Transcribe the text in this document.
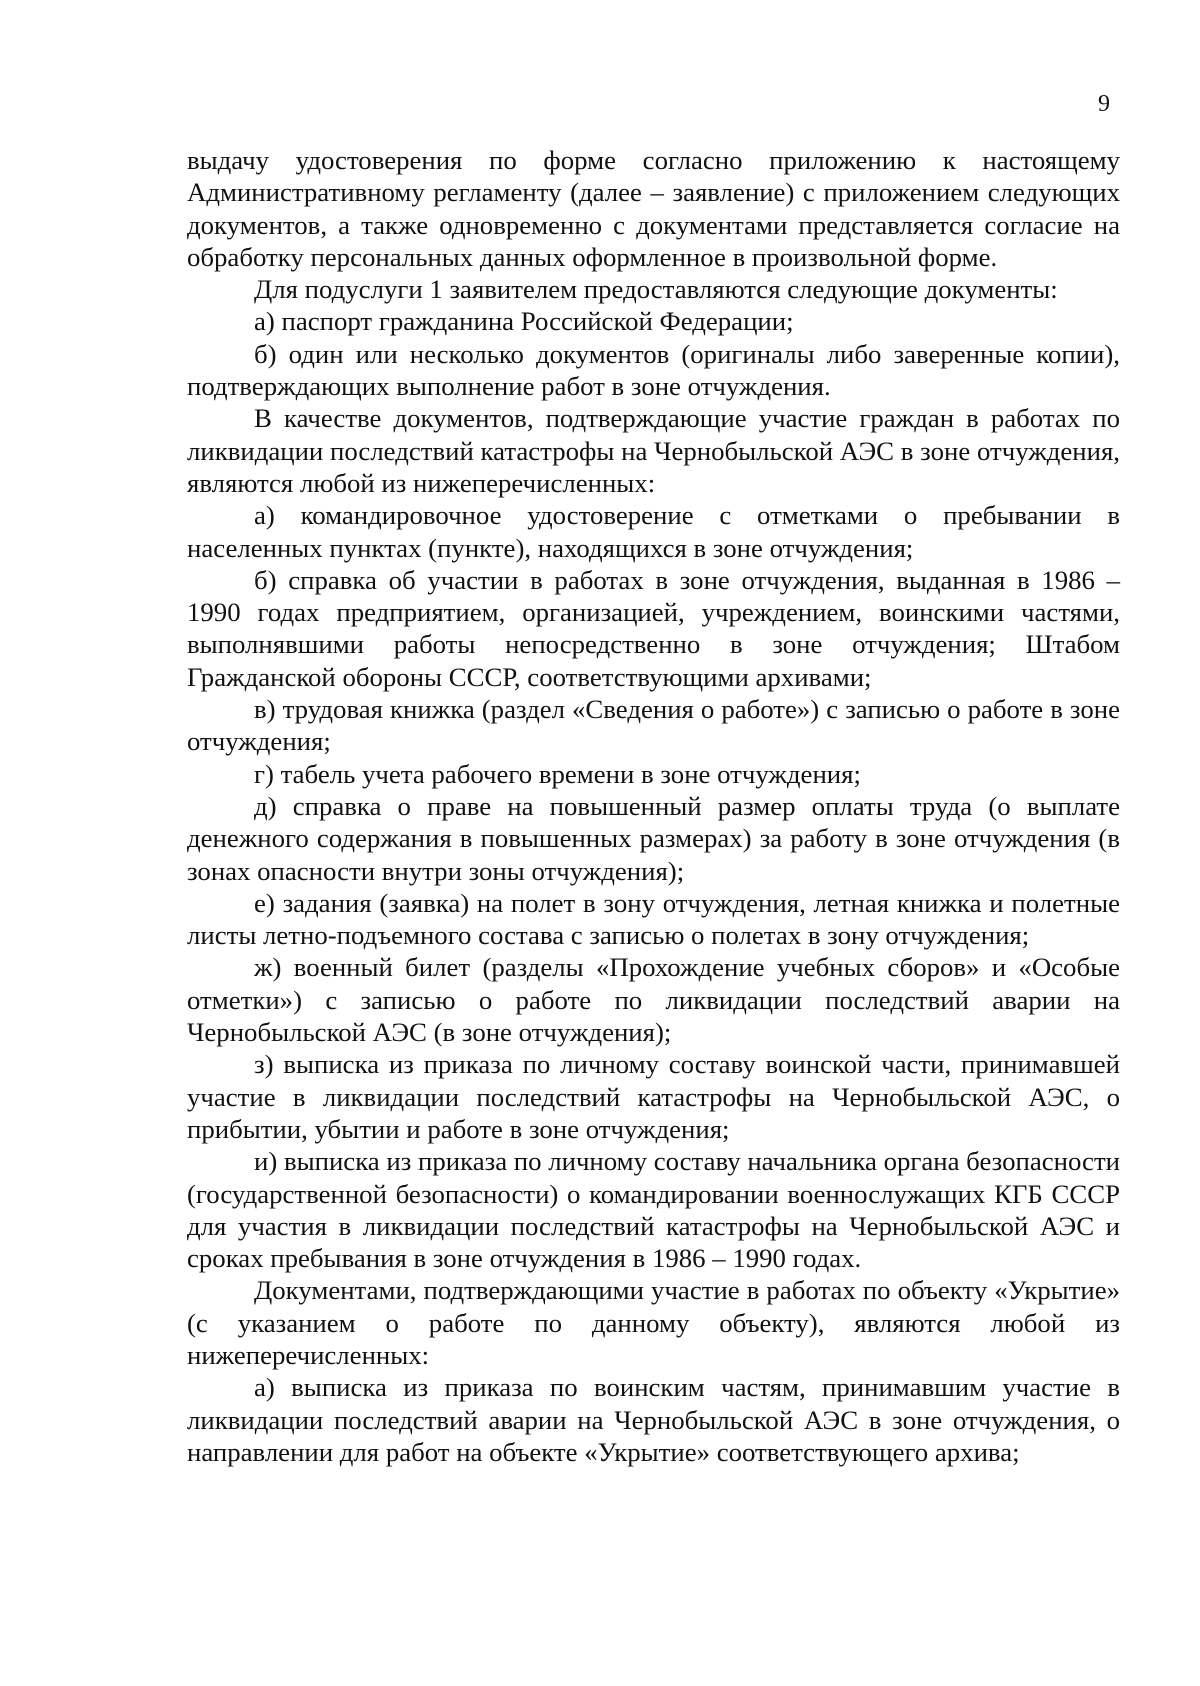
9

выдачу удостоверения по форме согласно приложению к настоящему Административному регламенту (далее – заявление) с приложением следующих документов, а также одновременно с документами представляется согласие на обработку персональных данных оформленное в произвольной форме.

Для подуслуги 1 заявителем предоставляются следующие документы:

а) паспорт гражданина Российской Федерации;

б) один или несколько документов (оригиналы либо заверенные копии), подтверждающих выполнение работ в зоне отчуждения.

В качестве документов, подтверждающие участие граждан в работах по ликвидации последствий катастрофы на Чернобыльской АЭС в зоне отчуждения, являются любой из нижеперечисленных:

а) командировочное удостоверение с отметками о пребывании в населенных пунктах (пункте), находящихся в зоне отчуждения;

б) справка об участии в работах в зоне отчуждения, выданная в 1986 – 1990 годах предприятием, организацией, учреждением, воинскими частями, выполнявшими работы непосредственно в зоне отчуждения; Штабом Гражданской обороны СССР, соответствующими архивами;

в) трудовая книжка (раздел «Сведения о работе») с записью о работе в зоне отчуждения;

г) табель учета рабочего времени в зоне отчуждения;

д) справка о праве на повышенный размер оплаты труда (о выплате денежного содержания в повышенных размерах) за работу в зоне отчуждения (в зонах опасности внутри зоны отчуждения);

е) задания (заявка) на полет в зону отчуждения, летная книжка и полетные листы летно-подъемного состава с записью о полетах в зону отчуждения;

ж) военный билет (разделы «Прохождение учебных сборов» и «Особые отметки») с записью о работе по ликвидации последствий аварии на Чернобыльской АЭС (в зоне отчуждения);

з) выписка из приказа по личному составу воинской части, принимавшей участие в ликвидации последствий катастрофы на Чернобыльской АЭС, о прибытии, убытии и работе в зоне отчуждения;

и) выписка из приказа по личному составу начальника органа безопасности (государственной безопасности) о командировании военнослужащих КГБ СССР для участия в ликвидации последствий катастрофы на Чернобыльской АЭС и сроках пребывания в зоне отчуждения в 1986 – 1990 годах.

Документами, подтверждающими участие в работах по объекту «Укрытие» (с указанием о работе по данному объекту), являются любой из нижеперечисленных:

а) выписка из приказа по воинским частям, принимавшим участие в ликвидации последствий аварии на Чернобыльской АЭС в зоне отчуждения, о направлении для работ на объекте «Укрытие» соответствующего архива;
